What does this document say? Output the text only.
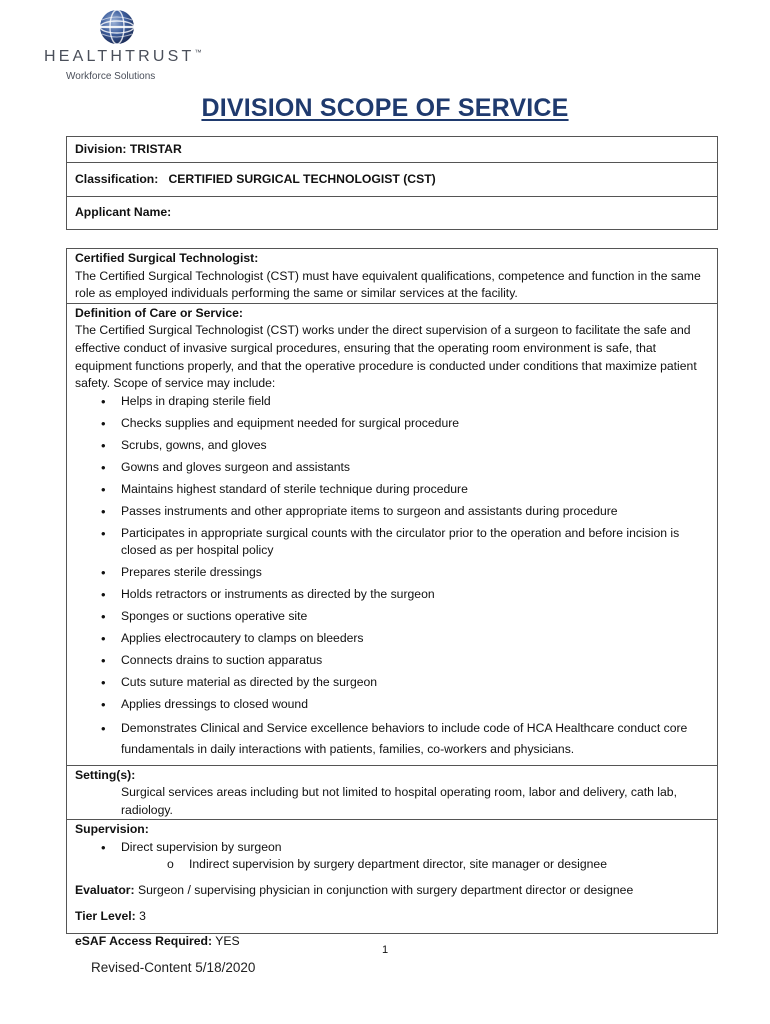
HEALTHTRUST™
Workforce Solutions
DIVISION SCOPE OF SERVICE
Division:
TRISTAR
Classification:
CERTIFIED SURGICAL TECHNOLOGIST (CST)
Applicant Name:
Certified Surgical Technologist:

The Certified Surgical Technologist (CST) must have equivalent qualifications, competence and function in the same role as employed individuals performing the same or similar services at the facility.

Definition of Care or Service:

The Certified Surgical Technologist (CST) works under the direct supervision of a surgeon to facilitate the safe and effective conduct of invasive surgical procedures, ensuring that the operating room environment is safe, that equipment functions properly, and that the operative procedure is conducted under conditions that maximize patient safety. Scope of service may include:

• Helps in draping sterile field
• Checks supplies and equipment needed for surgical procedure
• Scrubs, gowns, and gloves
• Gowns and gloves surgeon and assistants
• Maintains highest standard of sterile technique during procedure
• Passes instruments and other appropriate items to surgeon and assistants during procedure
• Participates in appropriate surgical counts with the circulator prior to the operation and before incision is closed as per hospital policy
• Prepares sterile dressings
• Holds retractors or instruments as directed by the surgeon
• Sponges or suctions operative site
• Applies electrocautery to clamps on bleeders
• Connects drains to suction apparatus
• Cuts suture material as directed by the surgeon
• Applies dressings to closed wound
• Demonstrates Clinical and Service excellence behaviors to include code of HCA Healthcare conduct core fundamentals in daily interactions with patients, families, co-workers and physicians.
Setting(s):

Surgical services areas including but not limited to hospital operating room, labor and delivery, cath lab, radiology.

Supervision:
• Direct supervision by surgeon
o Indirect supervision by surgery department director, site manager or designee
Evaluator: Surgeon / supervising physician in conjunction with surgery department director or designee
Tier Level: 3
eSAF Access Required: YES
1
Revised-Content 5/18/2020
